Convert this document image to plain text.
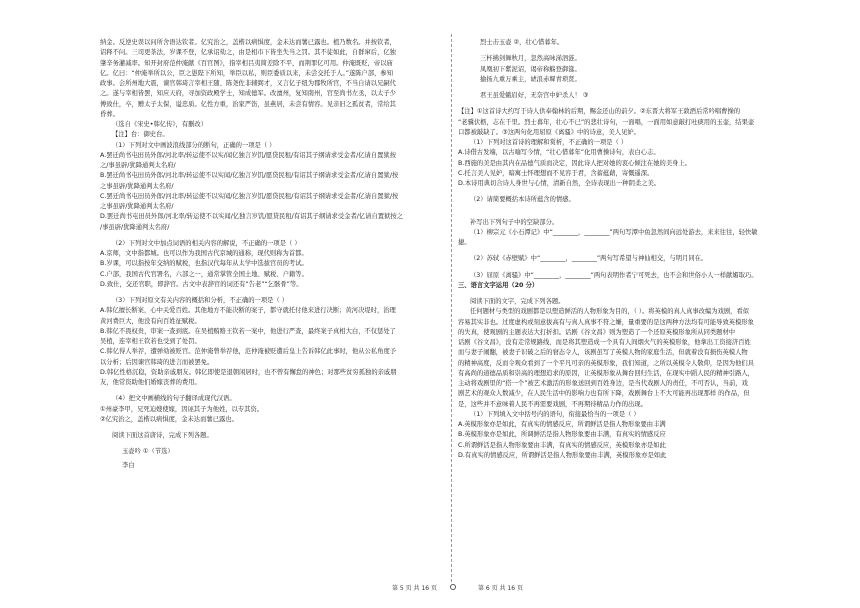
纳金。反逆史误以问所舍语达钦者。亿究治之，盖楷以病惧度，金未达而薯已露也。植乃数名。并按钦者，

诏释不问。三司更茶法，岁课不登，亿承诏劾之，由是相市下皆坐失当之罚。其不徒如此，自群窜后，亿独

肇辛务灌减率。知开封府范仲淹献《百官图》，指宰相吕夷简差除不平，而荆罪亿可用。仲淹既贬，帝以庙

亿。亿曰：“仲淹举所以公，臣之愚陛下所知，举臣以私，则臣委质以来，未尝交托于人。”遂陈户部，参知

政事。会所州地大震，谏官韩琦言宰相王随、陈尧佐非辅弼才，又言亿子纽为郡牧所官，不当自请以兄嗣代

之。遂与宰相皆罢，知应天府，寻加资政殿学士，知成德军。改澶州，复知南州，官至尚书左丞，以太子少

傅致仕，卒，赠太子太保，谥忠质。亿性方重，治家严饬，虽燕居，未尝有情容。见亲旧之孤贫者，常给其

昏葬。

（选自《宋史•韩亿传》，有删改）

【注】台：御史台。

（1）下列对文中画波浪线部分的断句，正确的一项是（ ）

A.罢迁尚书屯田员外郎/河北率/转运使不以实/闻亿独言岁饥/愿贷民租/有诏其子纲请求受金者/亿请自置狱按

之/事虽辟/犹降通判太名府/

B.罢迁尚书屯田员外郎/河北率/转运使不以实闻/亿独言岁饥/愿贷民租/有诏其子纲请求受金者/亿请自置狱/按

之事虽辟/犹降通判太名府/

C.罢迁尚书屯田员外郎/河北率/转运使不以实闻/亿独言岁饥/愿贷民租/有诏其子纲请求受金者/亿请自置狱/按

之事虽辟/犹降通判太名府/

D.罢迁尚书屯田员外郎/河北率/转运使不以实闻/亿独言岁饥/愿贷民租/有诏其子纲请求受金者/亿请自置狱按之

/事虽辟/犹降通判太名府/

（2）下列对文中加点词语的相关内容的解说，不正确的一项是（ ）

A.京师，文中指都城。也可以作为我国古代京城的通称，现代则称为首都。

B.岁课，可以指按年交纳的赋税，也指汉代每年从太学中选拔官员的考试。

C.户部，我国古代官署名，六部之一，通常掌管全国土地、赋税、户籍等。

D.致仕，交还官职，即辞官。古文中表辞官的词还有“告老”“乞骸骨”等。

（3）下列对原文有关内容的概括和分析，不正确的一项是（ ）

A.韩亿擅长断案，心中关爱百姓。其他地方不能决断的案子，都守就托付他来进行决断；黄河决堤时，治理

黄河费巨大，他没有向百姓征赋税。

B.韩亿不畏权贵，审案一查到底。在吴植贿赂王钦若一案中，他进行严查，最终案子真相大白，不仅惩处了

吴植，连宰相王钦若也受到了处罚。

C.韩亿得人举荐，遭弹劾被贬官。范仲淹曾举荐他，范仲淹被贬遭后皇上告诉韩亿此事时，他从公私角度予

以分析；后因谏官韩琦的进言而被罢免。

D.韩亿性格沉稳，资助亲戚朋友。韩亿即使是退朝闲居时，也不曾有懈怠的神色；对那些贫穷孤独的亲戚朋

友，他常资助他们婚嫁丧葬的费用。

（4）把文中画横线的句子翻译成现代汉语。

①州豪李甲，兄死迫嫂使嫁，因诬其子为他姓，以专其资。

②亿究治之，盖楷以病惧度，金未达而薯已露也。

阅读下面这首唐诗，完成下列各题。

玉壶吟 ①（节选）

李白

烈士击玉壶 ②，壮心惜暮年。

三杯拂剑舞秋月，忽然高咏涕泗涟。

凤凰初下紫泥诏，谒帝称觞登御筵。

揄扬九重万乘主，谑浪赤墀青琐贤。

君王虽爱蛾眉好，无奈宫中妒杀人！ ③

【注】①这首诗大约写于诗人供奉翰林的后期，赐金还山的前夕。②东晋大将军王敦酒后常吟唱曹操的

“老骥伏枥，志在千里。烈士暮年，壮心不已”的悲壮诗句，一面唱，一面用如意敲打吐痰用的玉壶，结果壶

口都被敲缺了。③这两句化用屈原《离骚》中的诗意，美人见妒。

（1）下列对这首诗的理解和赏析，不正确的一项是（ ）

A.诗借古发端，以古喻写今情，“壮心惜暮年”化用曹操诗句，表白心志。

B.西施的美是由其内在品德气质而决定，因此诗人把对她的衷心倾注在她的美身上。

C.托言美人见妒，暗寓士怀理想而不见容于君，含蓄蕴藉，寄慨遥深。

D.本诗用典切合诗人身世与心情，清新自然，全诗表现出一种阴柔之美。

（2）请简要概括本诗所蕴含的情感。

补写出下列句子中的空缺部分。

（1）柳宗元《小石潭记》中“________，________”两句写潭中鱼忽然间向远处游去，来来往往，轻快敏

捷。

（2）苏轼《赤壁赋》中“________，________”两句写希望与神仙相交，与明月同在。

（3）屈原《离骚》中“________，________”两句表明作者宁可死去，也不会和世俗小人一样献媚取巧。

三、语言文字运用（20 分）

阅读下面的文字，完成下列各题。

任何题材与类型的戏剧都是以塑造鲜活的人物形象为目的，（ ）。将英模的真人真事改编为戏剧，看似

容易其实非也。过度虚构或刻意拔高有与真人真事不符之嫌，量重要的是这两种方法均有可能导致英模形象

的失真，使观剧的主题表达大打折扣。话剧《谷文昌》则为塑造了一个还原英模形象所从同类题材中

话剧《谷文昌》，没有走常规路线，而是将其塑造成一个具有人间烟火气的英模形象，他拿出工资接济百姓

而与妻子闹翻，被妻子识破之后的窘态令人，该剧虽写了英模人物的家庭生活，但就着没有损伤英模人物

的精神高度，反而令观众看到了一个平凡可亲的英模形象，我们知道，之所以英模令人敬仰，是因为他们具

有高尚的道德品质和崇高的理想追求的原因，让英模形象从舞台回归生活，在现实中蹈人民的精神引路人，

主动将戏剧里的“搭一个”被艺术激活的形象送回到百姓身边，是当代戏剧人的责任，不可否认，当前，戏

剧艺术的观众人数减少，在人民生活中的影响力也有所下降，戏剧舞台上不大可能再出现那样 的作品，但

是，这些并不意味着人民不再需要戏剧，不再期待精品力作的出现。

（1）下列填入文中括号内的语句，衔接最恰当的一项是（ ）

A.英模形象亦是如此，有真实的情感反应，所谓鲜活是指人物形象要由丰满

B.英模形象亦是如此，所调鲜活是指人物形象要由丰满，有真实的情感反应

C.所谓鲜活是指人物形象要由丰满，有真实的情感反应，英模形象亦是如此

D.有真实的情感反应，所谓鲜活是指人物形象要由丰满，英模形象亦是如此

第 5 页 共 16 页	第 6 页 共 16 页
